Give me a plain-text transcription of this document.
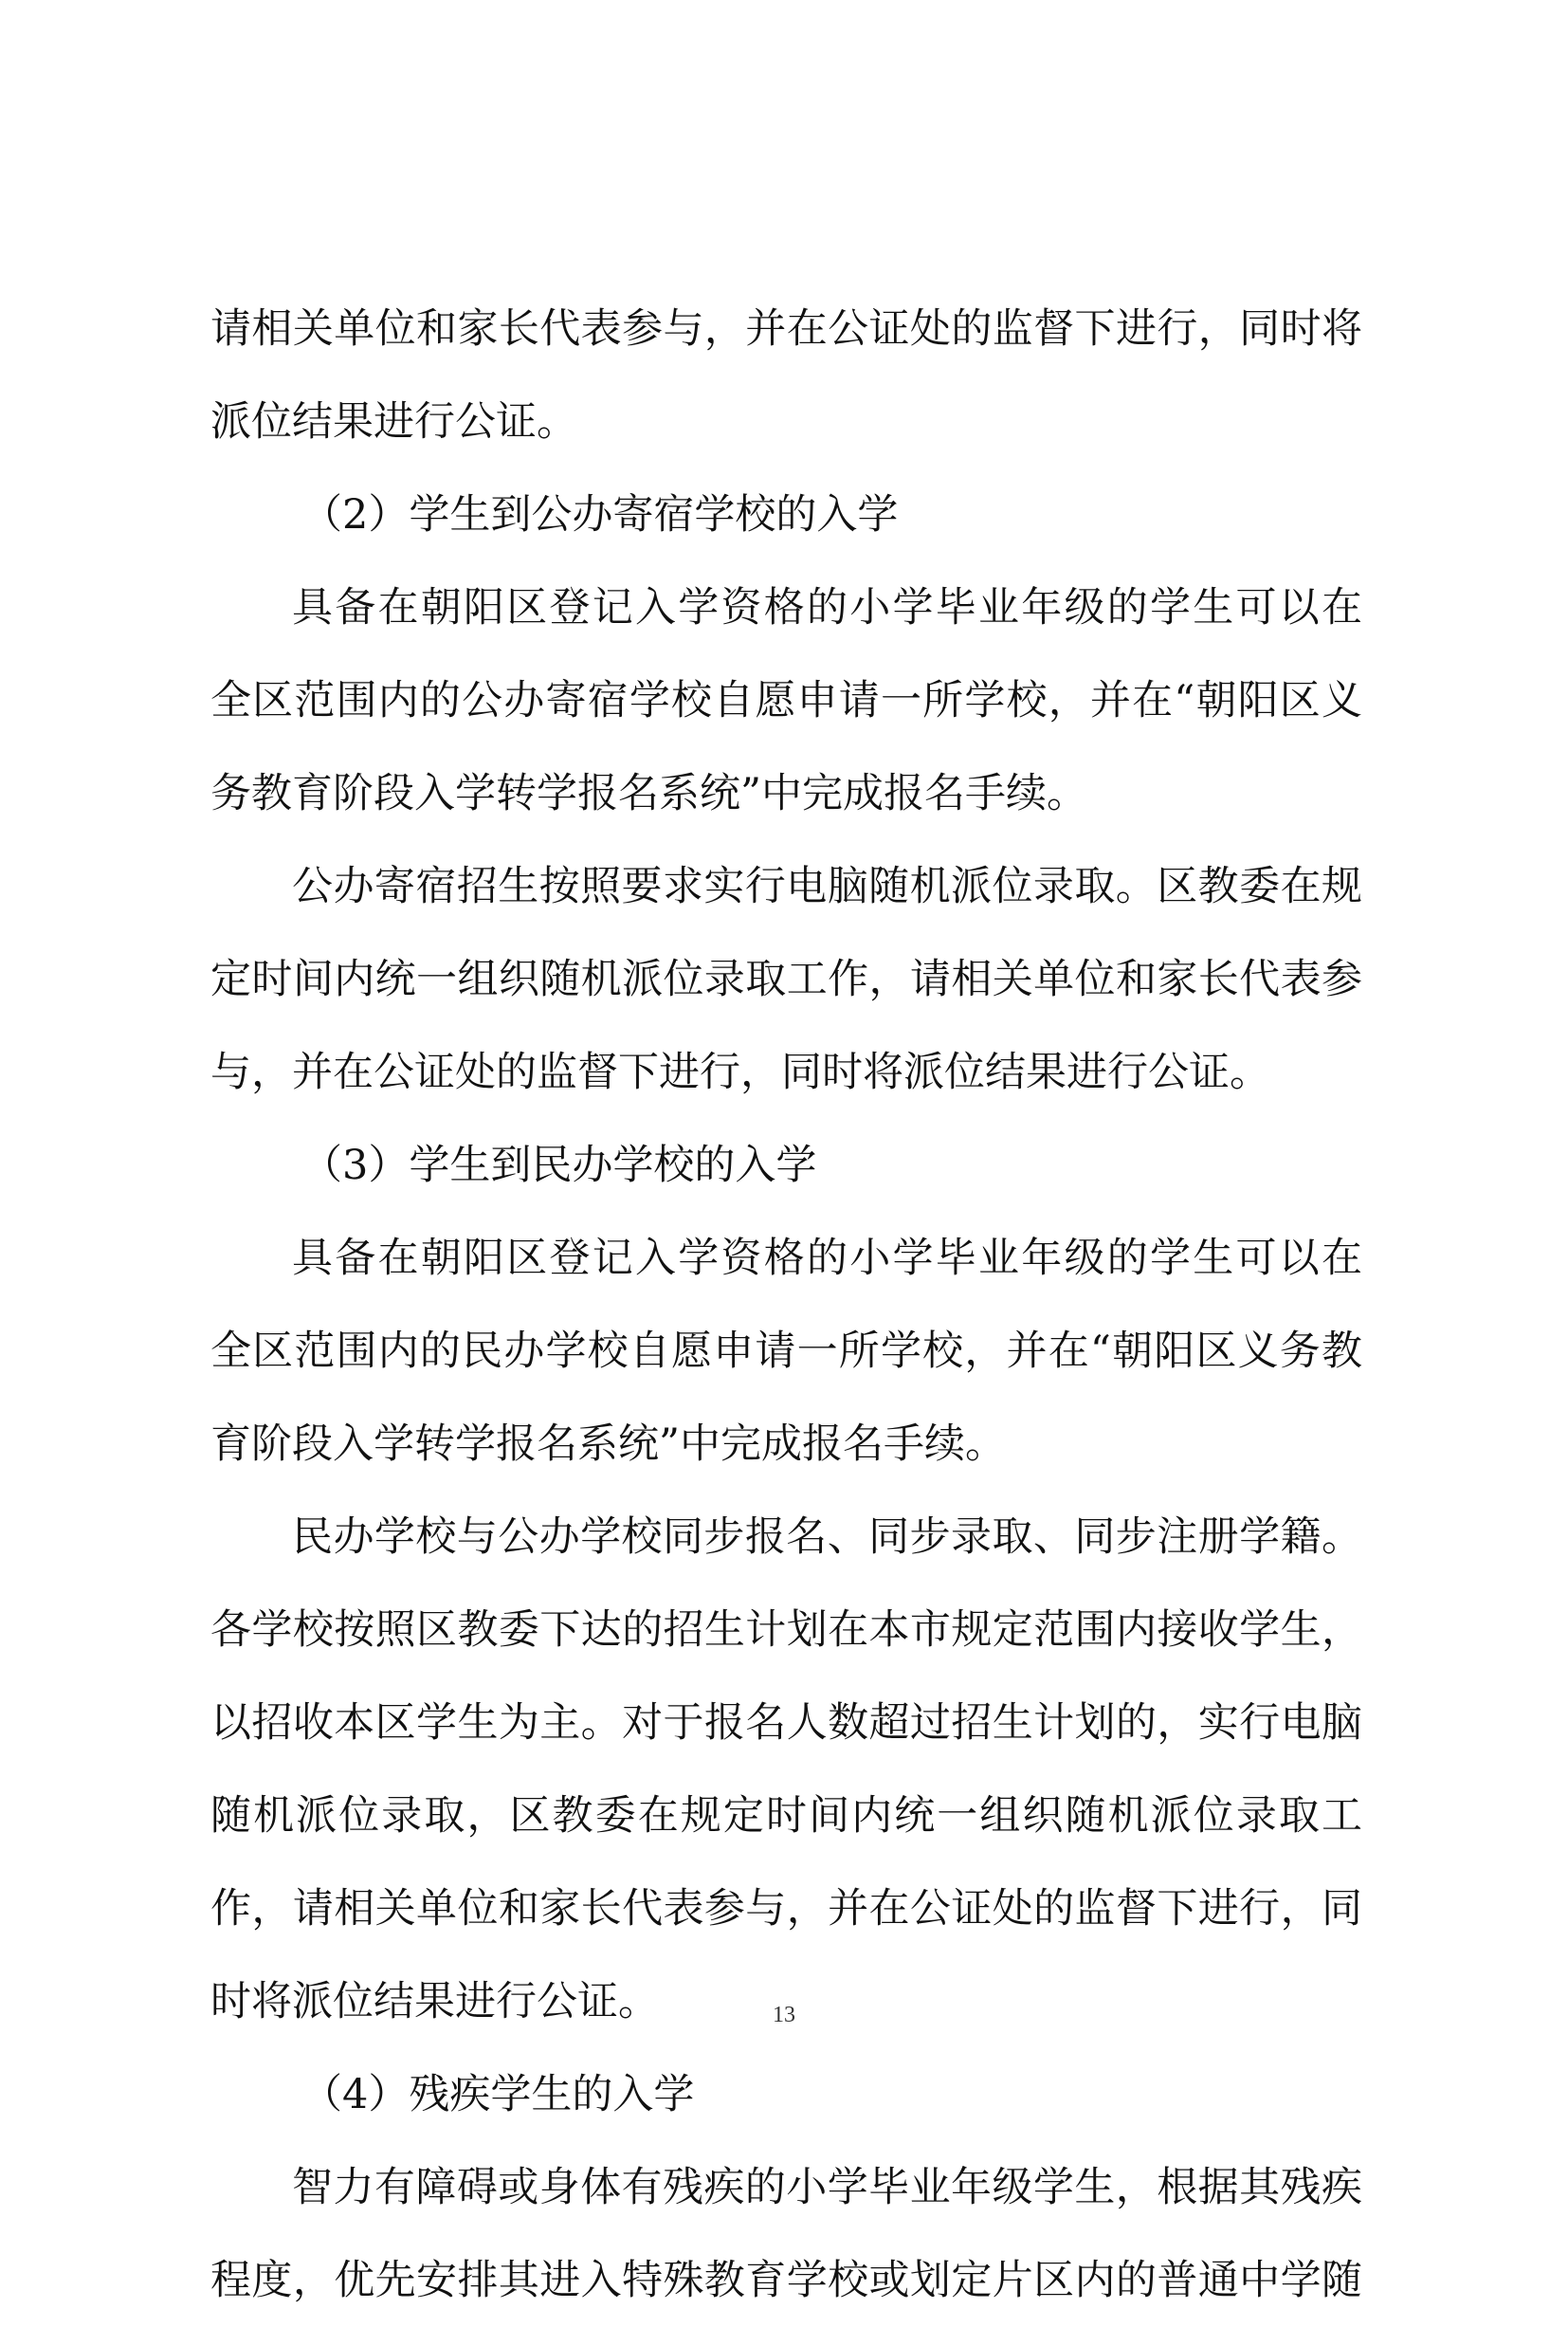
请相关单位和家长代表参与，并在公证处的监督下进行，同时将
派位结果进行公证。
（2）学生到公办寄宿学校的入学
具备在朝阳区登记入学资格的小学毕业年级的学生可以在
全区范围内的公办寄宿学校自愿申请一所学校，并在“朝阳区义
务教育阶段入学转学报名系统”中完成报名手续。
公办寄宿招生按照要求实行电脑随机派位录取。区教委在规
定时间内统一组织随机派位录取工作，请相关单位和家长代表参
与，并在公证处的监督下进行，同时将派位结果进行公证。
（3）学生到民办学校的入学
具备在朝阳区登记入学资格的小学毕业年级的学生可以在
全区范围内的民办学校自愿申请一所学校，并在“朝阳区义务教
育阶段入学转学报名系统”中完成报名手续。
民办学校与公办学校同步报名、同步录取、同步注册学籍。
各学校按照区教委下达的招生计划在本市规定范围内接收学生，
以招收本区学生为主。对于报名人数超过招生计划的，实行电脑
随机派位录取，区教委在规定时间内统一组织随机派位录取工
作，请相关单位和家长代表参与，并在公证处的监督下进行，同
时将派位结果进行公证。
（4）残疾学生的入学
智力有障碍或身体有残疾的小学毕业年级学生，根据其残疾
程度，优先安排其进入特殊教育学校或划定片区内的普通中学随
13
